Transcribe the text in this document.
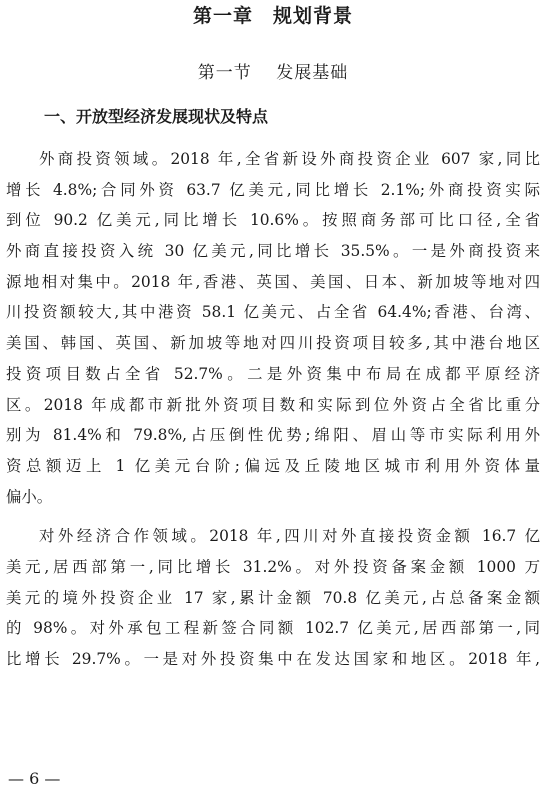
第一章　规划背景
第一节　 发展基础
一、开放型经济发展现状及特点
外商投资领域。2018 年,全省新设外商投资企业 607 家,同比
增长 4.8%;合同外资 63.7 亿美元,同比增长 2.1%;外商投资实际
到位 90.2 亿美元,同比增长 10.6%。按照商务部可比口径,全省
外商直接投资入统 30 亿美元,同比增长 35.5%。一是外商投资来
源地相对集中。2018 年,香港、英国、美国、日本、新加坡等地对四
川投资额较大,其中港资 58.1 亿美元、占全省 64.4%;香港、台湾、
美国、韩国、英国、新加坡等地对四川投资项目较多,其中港台地区
投资项目数占全省 52.7%。二是外资集中布局在成都平原经济
区。2018 年成都市新批外资项目数和实际到位外资占全省比重分
别为 81.4%和 79.8%,占压倒性优势;绵阳、眉山等市实际利用外
资总额迈上 1 亿美元台阶;偏远及丘陵地区城市利用外资体量
偏小。
对外经济合作领域。2018 年,四川对外直接投资金额 16.7 亿
美元,居西部第一,同比增长 31.2%。对外投资备案金额 1000 万
美元的境外投资企业 17 家,累计金额 70.8 亿美元,占总备案金额
的 98%。对外承包工程新签合同额 102.7 亿美元,居西部第一,同
比增长 29.7%。一是对外投资集中在发达国家和地区。2018 年,
— 6 —
